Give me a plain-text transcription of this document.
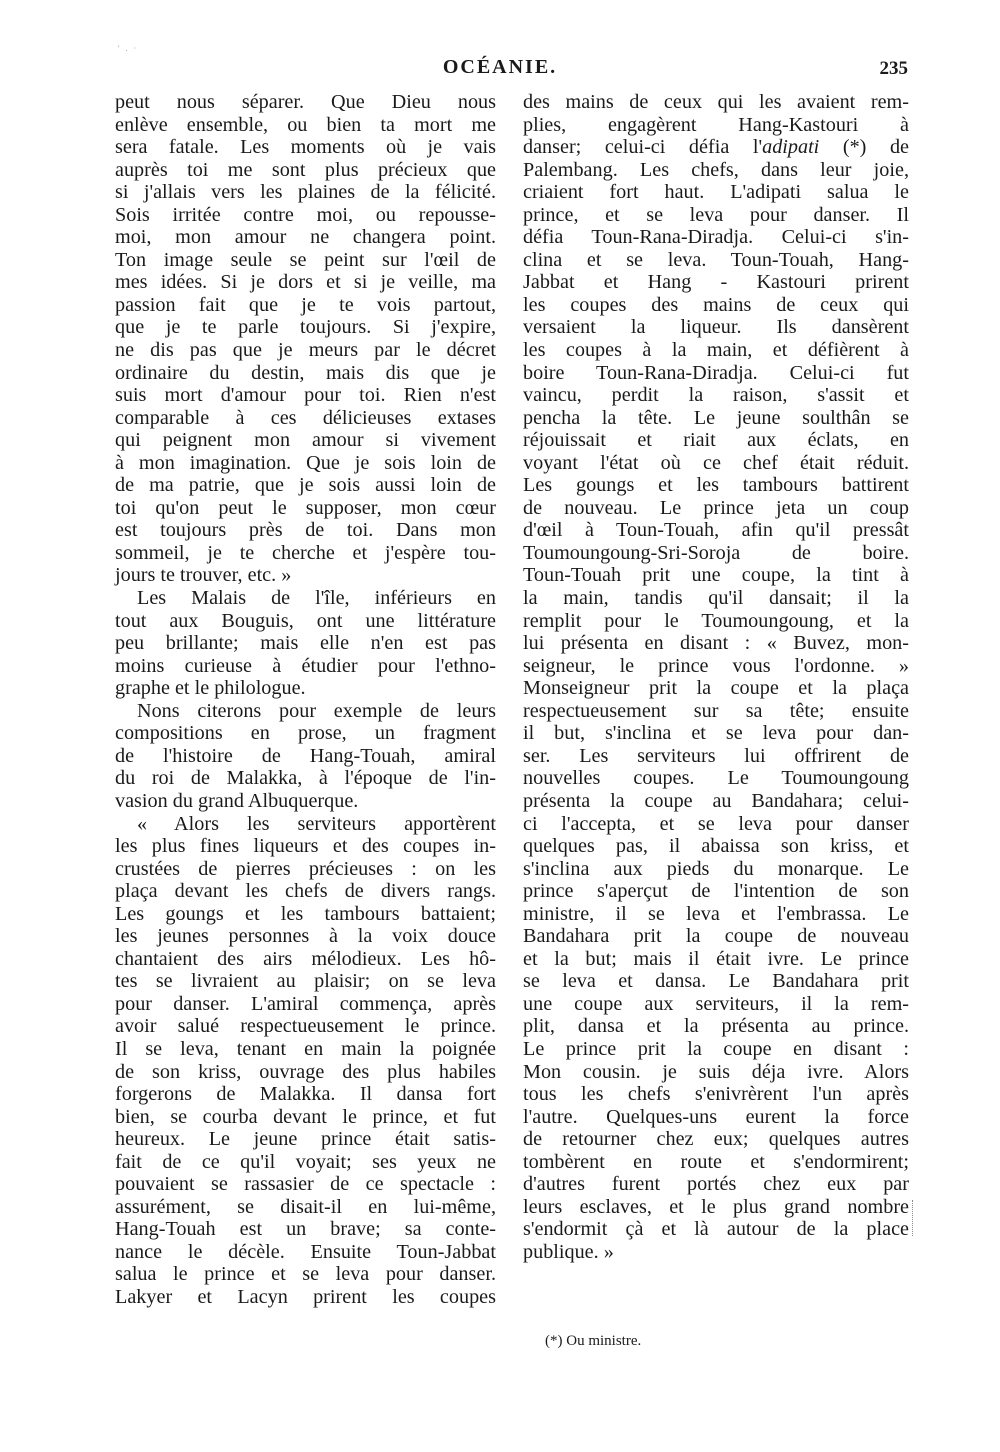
' . ·
OCÉANIE.	235
peut nous séparer. Que Dieu nous
enlève ensemble, ou bien ta mort me
sera fatale. Les moments où je vais
auprès toi me sont plus précieux que
si j'allais vers les plaines de la félicité.
Sois irritée contre moi, ou repousse-
moi, mon amour ne changera point.
Ton image seule se peint sur l'œil de
mes idées. Si je dors et si je veille, ma
passion fait que je te vois partout,
que je te parle toujours. Si j'expire,
ne dis pas que je meurs par le décret
ordinaire du destin, mais dis que je
suis mort d'amour pour toi. Rien n'est
comparable à ces délicieuses extases
qui peignent mon amour si vivement
à mon imagination. Que je sois loin de
de ma patrie, que je sois aussi loin de
toi qu'on peut le supposer, mon cœur
est toujours près de toi. Dans mon
sommeil, je te cherche et j'espère tou-
jours te trouver, etc. »
Les Malais de l'île, inférieurs en
tout aux Bouguis, ont une littérature
peu brillante; mais elle n'en est pas
moins curieuse à étudier pour l'ethno-
graphe et le philologue.
Nons citerons pour exemple de leurs
compositions en prose, un fragment
de l'histoire de Hang-Touah, amiral
du roi de Malakka, à l'époque de l'in-
vasion du grand Albuquerque.
« Alors les serviteurs apportèrent
les plus fines liqueurs et des coupes in-
crustées de pierres précieuses : on les
plaça devant les chefs de divers rangs.
Les goungs et les tambours battaient;
les jeunes personnes à la voix douce
chantaient des airs mélodieux. Les hô-
tes se livraient au plaisir; on se leva
pour danser. L'amiral commença, après
avoir salué respectueusement le prince.
Il se leva, tenant en main la poignée
de son kriss, ouvrage des plus habiles
forgerons de Malakka. Il dansa fort
bien, se courba devant le prince, et fut
heureux. Le jeune prince était satis-
fait de ce qu'il voyait; ses yeux ne
pouvaient se rassasier de ce spectacle :
assurément, se disait-il en lui-même,
Hang-Touah est un brave; sa conte-
nance le décèle. Ensuite Toun-Jabbat
salua le prince et se leva pour danser.
Lakyer et Lacyn prirent les coupes
des mains de ceux qui les avaient rem-
plies, engagèrent Hang-Kastouri à
danser; celui-ci défia l'adipati (*) de
Palembang. Les chefs, dans leur joie,
criaient fort haut. L'adipati salua le
prince, et se leva pour danser. Il
défia Toun-Rana-Diradja. Celui-ci s'in-
clina et se leva. Toun-Touah, Hang-
Jabbat et Hang - Kastouri prirent
les coupes des mains de ceux qui
versaient la liqueur. Ils dansèrent
les coupes à la main, et défièrent à
boire Toun-Rana-Diradja. Celui-ci fut
vaincu, perdit la raison, s'assit et
pencha la tête. Le jeune soulthân se
réjouissait et riait aux éclats, en
voyant l'état où ce chef était réduit.
Les goungs et les tambours battirent
de nouveau. Le prince jeta un coup
d'œil à Toun-Touah, afin qu'il pressât
Toumoungoung-Sri-Soroja de boire.
Toun-Touah prit une coupe, la tint à
la main, tandis qu'il dansait; il la
remplit pour le Toumoungoung, et la
lui présenta en disant : « Buvez, mon-
seigneur, le prince vous l'ordonne. »
Monseigneur prit la coupe et la plaça
respectueusement sur sa tête; ensuite
il but, s'inclina et se leva pour dan-
ser. Les serviteurs lui offrirent de
nouvelles coupes. Le Toumoungoung
présenta la coupe au Bandahara; celui-
ci l'accepta, et se leva pour danser
quelques pas, il abaissa son kriss, et
s'inclina aux pieds du monarque. Le
prince s'aperçut de l'intention de son
ministre, il se leva et l'embrassa. Le
Bandahara prit la coupe de nouveau
et la but; mais il était ivre. Le prince
se leva et dansa. Le Bandahara prit
une coupe aux serviteurs, il la rem-
plit, dansa et la présenta au prince.
Le prince prit la coupe en disant :
Mon cousin. je suis déja ivre. Alors
tous les chefs s'enivrèrent l'un après
l'autre. Quelques-uns eurent la force
de retourner chez eux; quelques autres
tombèrent en route et s'endormirent;
d'autres furent portés chez eux par
leurs esclaves, et le plus grand nombre
s'endormit çà et là autour de la place
publique. »
(*) Ou ministre.
